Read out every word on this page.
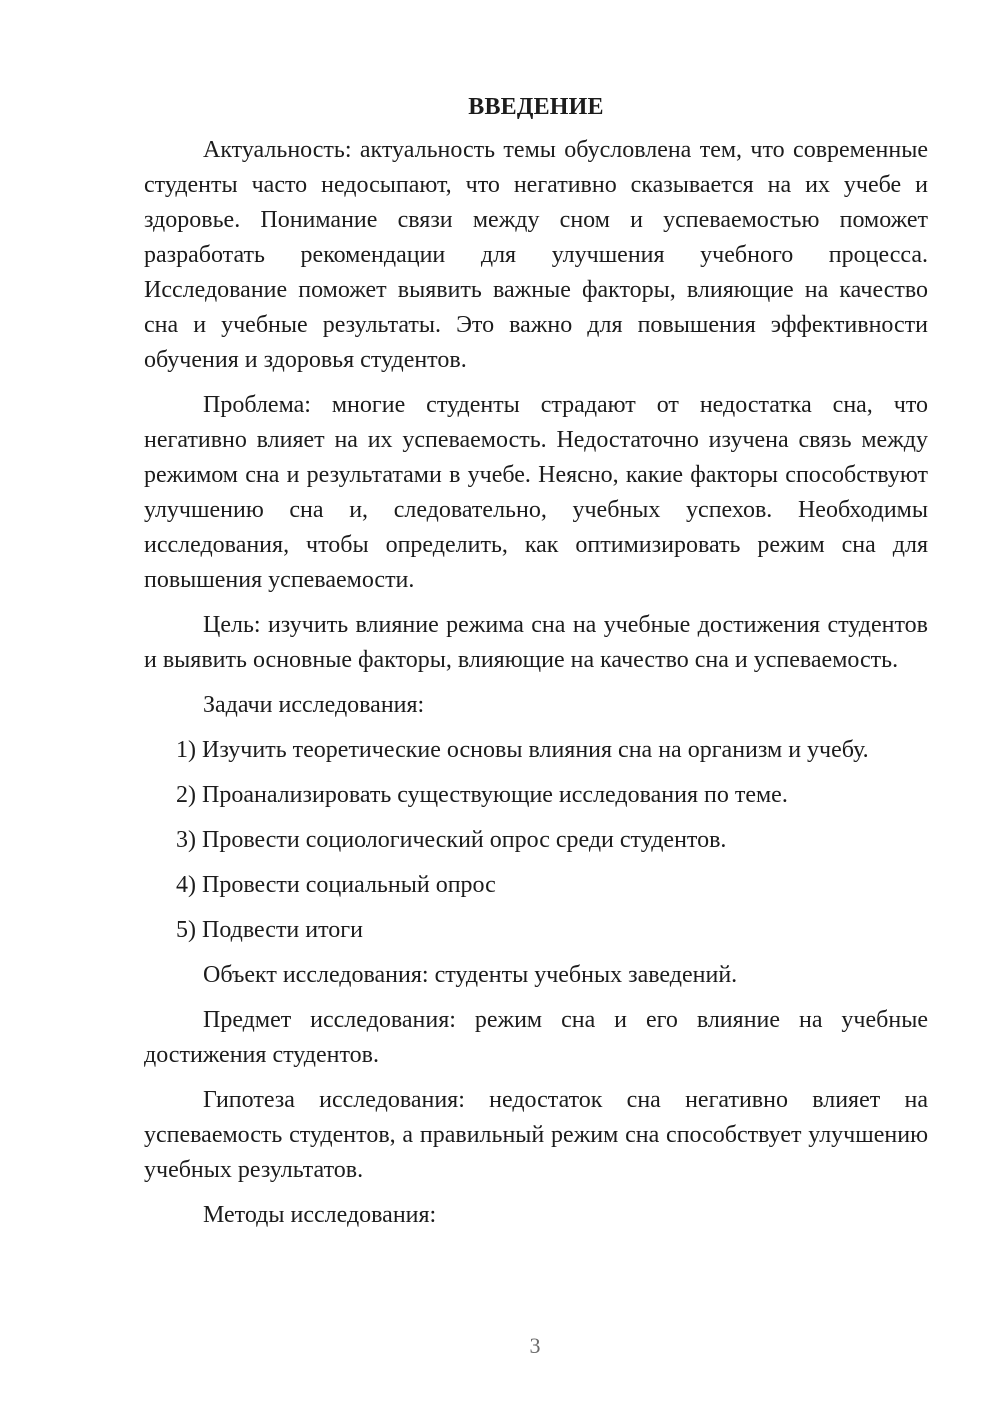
ВВЕДЕНИЕ

Актуальность: актуальность темы обусловлена тем, что современные студенты часто недосыпают, что негативно сказывается на их учебе и здоровье. Понимание связи между сном и успеваемостью поможет разработать рекомендации для улучшения учебного процесса. Исследование поможет выявить важные факторы, влияющие на качество сна и учебные результаты. Это важно для повышения эффективности обучения и здоровья студентов.

Проблема: многие студенты страдают от недостатка сна, что негативно влияет на их успеваемость. Недостаточно изучена связь между режимом сна и результатами в учебе. Неясно, какие факторы способствуют улучшению сна и, следовательно, учебных успехов. Необходимы исследования, чтобы определить, как оптимизировать режим сна для повышения успеваемости.

Цель: изучить влияние режима сна на учебные достижения студентов и выявить основные факторы, влияющие на качество сна и успеваемость.

Задачи исследования:

1) Изучить теоретические основы влияния сна на организм и учебу.
2) Проанализировать существующие исследования по теме.
3) Провести социологический опрос среди студентов.
4) Провести социальный опрос
5) Подвести итоги

Объект исследования: студенты учебных заведений.

Предмет исследования: режим сна и его влияние на учебные достижения студентов.

Гипотеза исследования: недостаток сна негативно влияет на успеваемость студентов, а правильный режим сна способствует улучшению учебных результатов.

Методы исследования:

3
